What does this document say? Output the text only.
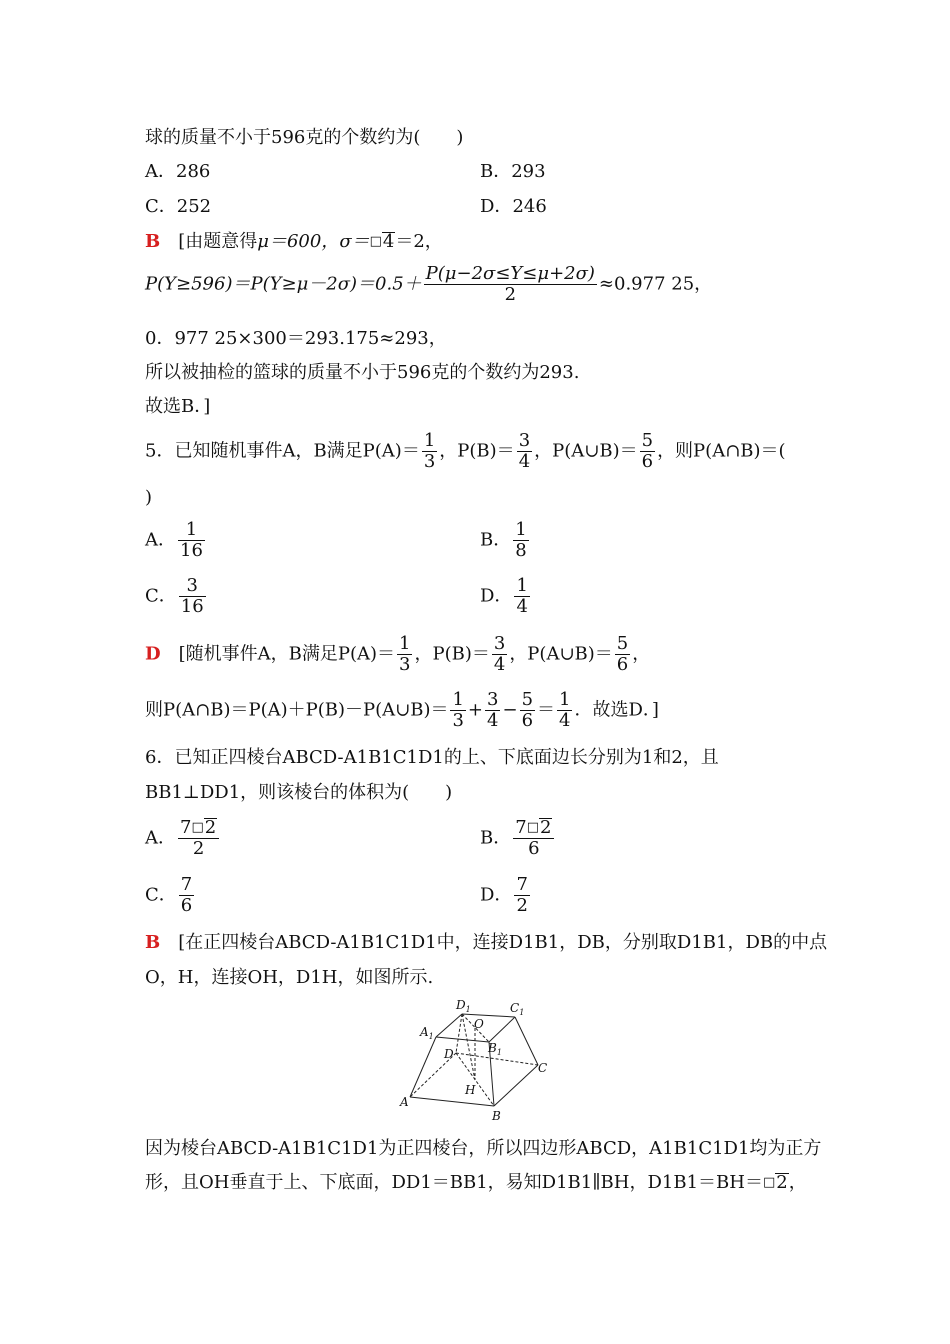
球的质量不小于596克的个数约为(　　)
A．286	B．293
C．252	D．246
B　 [由题意得μ＝600，σ＝□4＝2，
$P(Y\ge 596)=P(Y\ge\mu-2\sigma)=0.5+ \frac{P(\mu-2\sigma\le Y\le\mu+2\sigma)}{2} \approx 0.977$ 25，
0．977 25×300＝293.175≈293，
所以被抽检的篮球的质量不小于596克的个数约为293.
故选B．]
5．已知随机事件A，B满足$P(A)= \frac{1}{3}$ ，$P(B)= \frac{3}{4}$ ，P(A∪B)＝ $\frac{5}{6}$ ，则P(A∩B)＝(
)
A． $\frac{1}{16}$	B． $\frac{1}{8}$
C． $\frac{3}{16}$	D． $\frac{1}{4}$
D　 [随机事件A，B满足$P(A)= \frac{1}{3}$ ，$P(B)= \frac{3}{4}$ ，P(A∪B)＝ $\frac{5}{6}$ ，
则P(A∩B)＝P(A)＋P(B)－P(A∪B)＝ $\frac{1}{3} + \frac{3}{4} - \frac{5}{6} = \frac{1}{4}$ ．故选D．]
6．已知正四棱台ABCD-A1B1C1D1的上、下底面边长分别为1和2，且
BB1⊥DD1，则该棱台的体积为(　　)
A． $\frac{7□2}{2}$	B． $\frac{7□2}{6}$
C． $\frac{7}{6}$	D． $\frac{7}{2}$
B　 [在正四棱台ABCD-A1B1C1D1中，连接D1B1，DB，分别取D1B1，DB的中点
O，H，连接OH，D1H，如图所示.
$D_1$	$C_1$
$A_1$
O
$B_1$
D
C
H
A
B
因为棱台ABCD-A1B1C1D1为正四棱台，所以四边形ABCD，A1B1C1D1均为正方
形，且OH垂直于上、下底面，DD1＝BB1，易知D1B1∥BH，D1B1＝BH＝□2，
